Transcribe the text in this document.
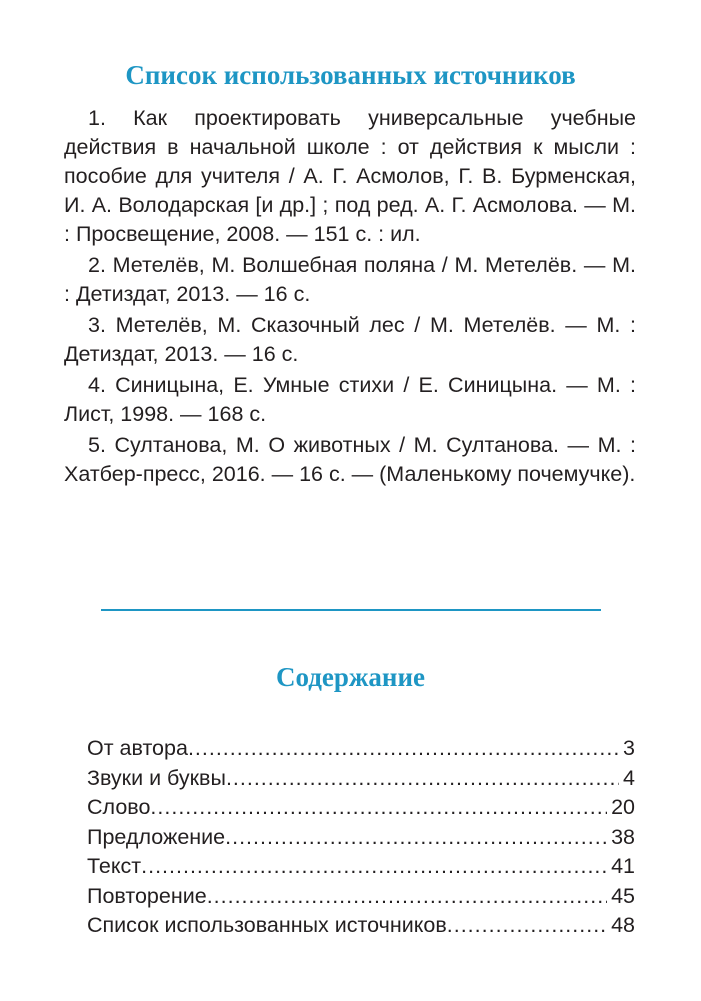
Список использованных источников
1. Как проектировать универсальные учебные действия в начальной школе : от действия к мысли : пособие для учителя / А. Г. Асмолов, Г. В. Бурменская, И. А. Володарская [и др.] ; под ред. А. Г. Асмолова. — М. : Просвещение, 2008. — 151 с. : ил.
2. Метелёв, М. Волшебная поляна / М. Метелёв. — М. : Детиздат, 2013. — 16 с.
3. Метелёв, М. Сказочный лес / М. Метелёв. — М. : Детиздат, 2013. — 16 с.
4. Синицына, Е. Умные стихи / Е. Синицына. — М. : Лист, 1998. — 168 с.
5. Султанова, М. О животных / М. Султанова. — М. : Хатбер-пресс, 2016. — 16 с. — (Маленькому почемучке).
Содержание
От автора .....	3
Звуки и буквы .....	4
Слово .....	20
Предложение .....	38
Текст .....	41
Повторение .....	45
Список использованных источников .....	48
